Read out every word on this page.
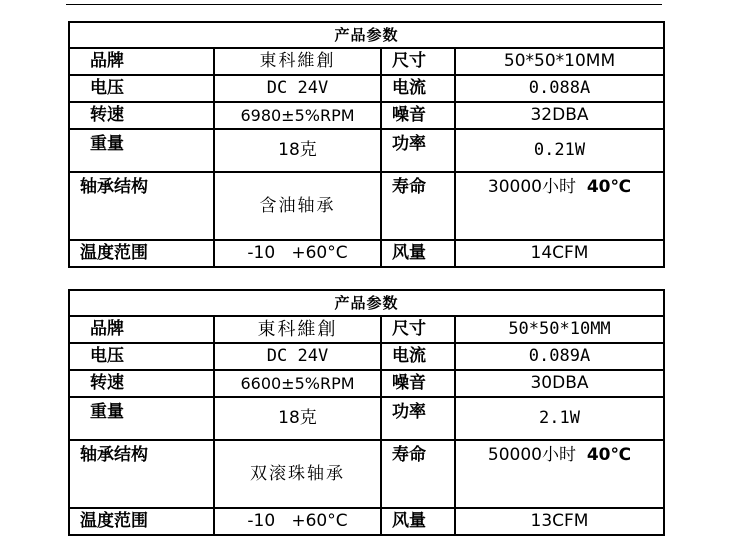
产品参数			
品牌	東科維創	尺寸	50*50*10MM
电压	DC 24V	电流	0.088A
转速	6980±5%RPM	噪音	32DBA
重量	18克	功率	0.21W
轴承结构	含油轴承	寿命	30000小时 40℃
温度范围	-10   +60°C	风量	14CFM
产品参数			
品牌	東科維創	尺寸	50*50*10MM
电压	DC 24V	电流	0.089A
转速	6600±5%RPM	噪音	30DBA
重量	18克	功率	2.1W
轴承结构	双滚珠轴承	寿命	50000小时 40℃
温度范围	-10   +60°C	风量	13CFM
